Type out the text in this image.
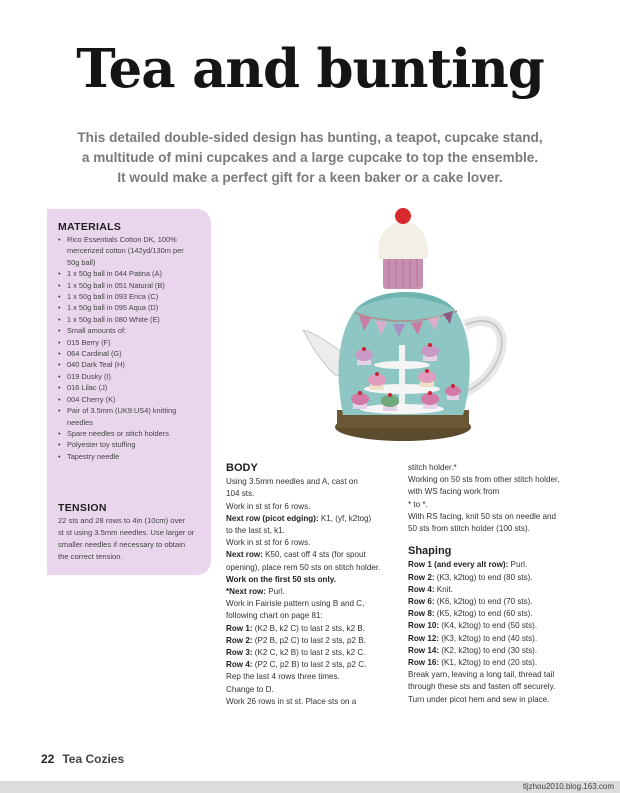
Tea and bunting
This detailed double-sided design has bunting, a teapot, cupcake stand,
a multitude of mini cupcakes and a large cupcake to top the ensemble.
It would make a perfect gift for a keen baker or a cake lover.
MATERIALS
• Rico Essentials Cotton DK, 100%
mercerized cotton (142yd/130m per
50g ball)
• 1 x 50g ball in 044 Patina (A)
• 1 x 50g ball in 051 Natural (B)
• 1 x 50g ball in 093 Erica (C)
• 1 x 50g ball in 095 Aqua (D)
• 1 x 50g ball in 080 White (E)
• Small amounts of:
• 015 Berry (F)
• 064 Cardinal (G)
• 040 Dark Teal (H)
• 019 Dusky (I)
• 016 Lilac (J)
• 004 Cherry (K)
• Pair of 3.5mm (UK9:US4) knitting
needles
• Spare needles or stitch holders
• Polyester toy stuffing
• Tapestry needle
TENSION
22 sts and 28 rows to 4in (10cm) over
st st using 3.5mm needles. Use larger or
smaller needles if necessary to obtain
the correct tension.

BODY

Using 3.5mm needles and A, cast on

104 sts.

Work in st st for 6 rows.

Next row (picot edging): K1, (yf, k2tog)

to the last st, k1.

Work in st st for 6 rows.

Next row: K50, cast off 4 sts (for spout

opening), place rem 50 sts on stitch holder.

Work on the first 50 sts only.

*Next row: Purl.

Work in Fairisle pattern using B and C,

following chart on page 81:

Row 1: (K2 B, k2 C) to last 2 sts, k2 B.

Row 2: (P2 B, p2 C) to last 2 sts, p2 B.

Row 3: (K2 C, k2 B) to last 2 sts, k2 C.

Row 4: (P2 C, p2 B) to last 2 sts, p2 C.

Rep the last 4 rows three times.

Change to D.

Work 26 rows in st st. Place sts on a

stitch holder.*

Working on 50 sts from other stitch holder,

with WS facing work from

* to *.

With RS facing, knit 50 sts on needle and

50 sts from stitch holder (100 sts).

Shaping

Row 1 (and every alt row): Purl.

Row 2: (K3, k2tog) to end (80 sts).

Row 4: Knit.

Row 6: (K6, k2tog) to end (70 sts).

Row 8: (K5, k2tog) to end (60 sts).

Row 10: (K4, k2tog) to end (50 sts).

Row 12: (K3, k2tog) to end (40 sts).

Row 14: (K2, k2tog) to end (30 sts).

Row 16: (K1, k2tog) to end (20 sts).

Break yarn, leaving a long tail, thread tail

through these sts and fasten off securely.

Turn under picot hem and sew in place.

22 Tea Cozies
tljzhou2010.blog.163.com
